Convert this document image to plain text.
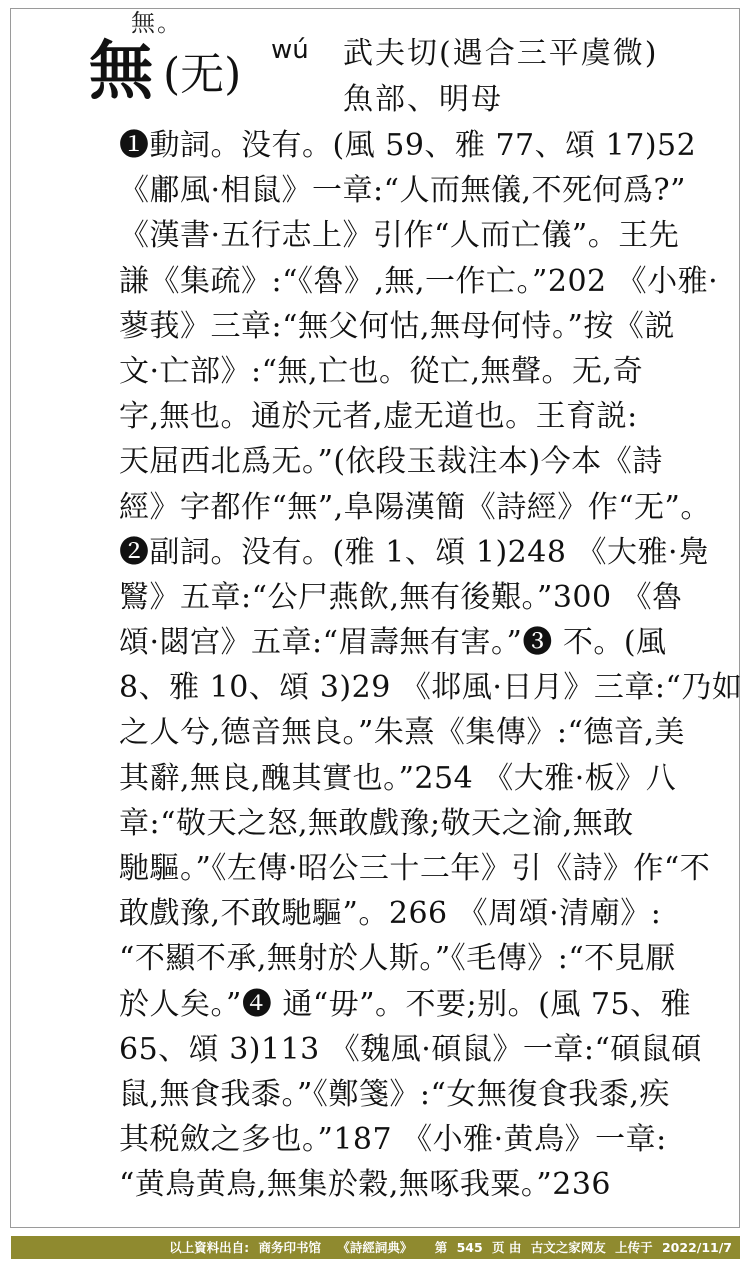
無。
無 (无) wú 武夫切(遇合三平虞微)
魚部、明母
❶動詞。没有。(風 59、雅 77、頌 17)52
《鄘風·相鼠》一章:“人而無儀,不死何爲?”
《漢書·五行志上》引作“人而亡儀”。王先
謙《集疏》:“《魯》,無,一作亡。”202 《小雅·
蓼莪》三章:“無父何怙,無母何恃。”按《説
文·亡部》:“無,亡也。從亡,無聲。无,奇
字,無也。通於元者,虚无道也。王育説:
天屈西北爲无。”(依段玉裁注本)今本《詩
經》字都作“無”,阜陽漢簡《詩經》作“无”。
❷副詞。没有。(雅 1、頌 1)248 《大雅·鳧
鷖》五章:“公尸燕飲,無有後艱。”300 《魯
頌·閟宫》五章:“眉壽無有害。”❸ 不。(風
8、雅 10、頌 3)29 《邶風·日月》三章:“乃如
之人兮,德音無良。”朱熹《集傳》:“德音,美
其辭,無良,醜其實也。”254 《大雅·板》八
章:“敬天之怒,無敢戲豫;敬天之渝,無敢
馳驅。”《左傳·昭公三十二年》引《詩》作“不
敢戲豫,不敢馳驅”。266 《周頌·清廟》:
“不顯不承,無射於人斯。”《毛傳》:“不見厭
於人矣。”❹ 通“毋”。不要;别。(風 75、雅
65、頌 3)113 《魏風·碩鼠》一章:“碩鼠碩
鼠,無食我黍。”《鄭箋》:“女無復食我黍,疾
其税斂之多也。”187 《小雅·黄鳥》一章:
“黄鳥黄鳥,無集於穀,無啄我粟。”236
以上資料出自: 商务印书馆 《詩經詞典》 第 545 页 由 古文之家网友 上传于 2022/11/7
